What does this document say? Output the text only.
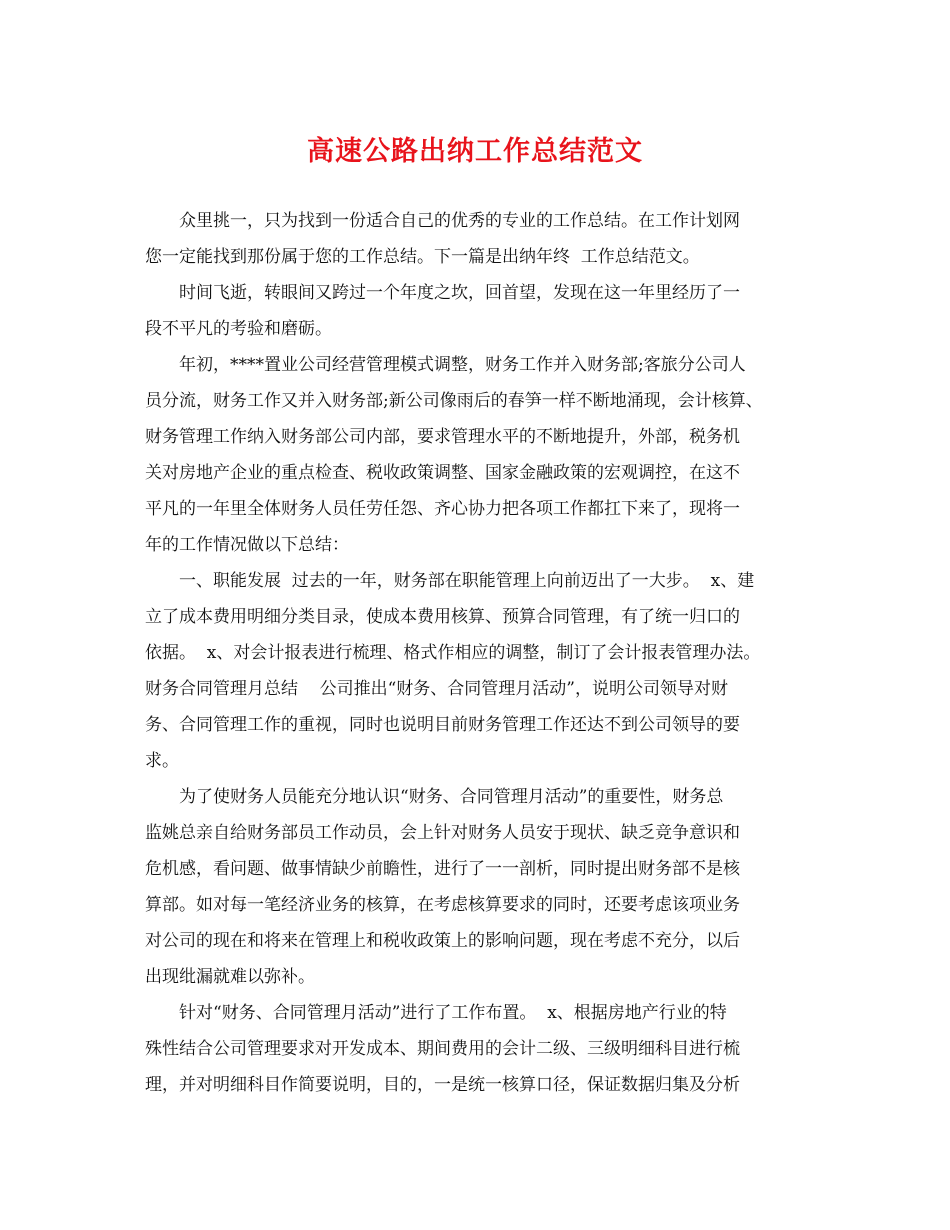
高速公路出纳工作总结范文
众里挑一，只为找到一份适合自己的优秀的专业的工作总结。在工作计划网
您一定能找到那份属于您的工作总结。下一篇是出纳年终  工作总结范文。
时间飞逝，转眼间又跨过一个年度之坎，回首望，发现在这一年里经历了一
段不平凡的考验和磨砺。
年初，****置业公司经营管理模式调整，财务工作并入财务部;客旅分公司人
员分流，财务工作又并入财务部;新公司像雨后的春笋一样不断地涌现，会计核算、
财务管理工作纳入财务部公司内部，要求管理水平的不断地提升，外部，税务机
关对房地产企业的重点检查、税收政策调整、国家金融政策的宏观调控，在这不
平凡的一年里全体财务人员任劳任怨、齐心协力把各项工作都扛下来了，现将一
年的工作情况做以下总结：
一、职能发展  过去的一年，财务部在职能管理上向前迈出了一大步。  x、建
立了成本费用明细分类目录，使成本费用核算、预算合同管理，有了统一归口的
依据。  x、对会计报表进行梳理、格式作相应的调整，制订了会计报表管理办法。
财务合同管理月总结    公司推出“财务、合同管理月活动”，说明公司领导对财
务、合同管理工作的重视，同时也说明目前财务管理工作还达不到公司领导的要
求。
为了使财务人员能充分地认识“财务、合同管理月活动”的重要性，财务总
监姚总亲自给财务部员工作动员，会上针对财务人员安于现状、缺乏竞争意识和
危机感，看问题、做事情缺少前瞻性，进行了一一剖析，同时提出财务部不是核
算部。如对每一笔经济业务的核算，在考虑核算要求的同时，还要考虑该项业务
对公司的现在和将来在管理上和税收政策上的影响问题，现在考虑不充分，以后
出现纰漏就难以弥补。
针对“财务、合同管理月活动”进行了工作布置。  x、根据房地产行业的特
殊性结合公司管理要求对开发成本、期间费用的会计二级、三级明细科目进行梳
理，并对明细科目作简要说明，目的，一是统一核算口径，保证数据归集及分析
